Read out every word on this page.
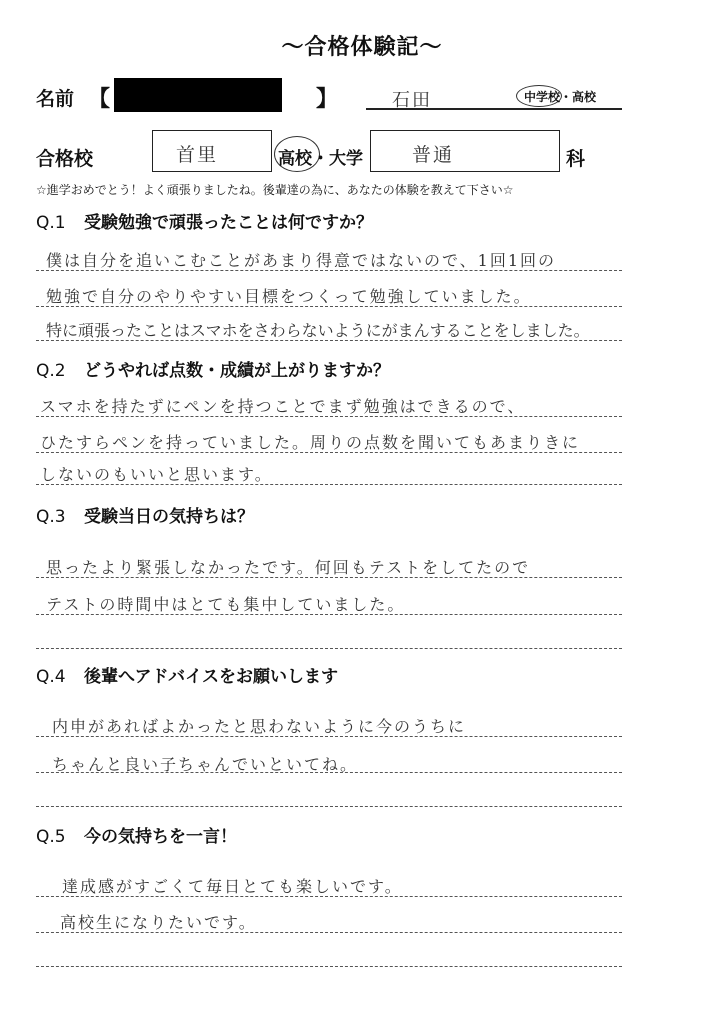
〜合格体験記〜
名前 【	】	石田	中学校・高校
合格校	首里	高校・大学	普通	科
☆進学おめでとう！よく頑張りましたね。後輩達の為に、あなたの体験を教えて下さい☆
Q.1 受験勉強で頑張ったことは何ですか？
僕は自分を追いこむことがあまり得意ではないので、1回1回の
勉強で自分のやりやすい目標をつくって勉強していました。
特に頑張ったことはスマホをさわらないようにがまんすることをしました。
Q.2 どうやれば点数・成績が上がりますか？
スマホを持たずにペンを持つことでまず勉強はできるので、
ひたすらペンを持っていました。周りの点数を聞いてもあまりきに
しないのもいいと思います。
Q.3 受験当日の気持ちは？
思ったより緊張しなかったです。何回もテストをしてたので
テストの時間中はとても集中していました。
Q.4 後輩へアドバイスをお願いします
内申があればよかったと思わないように今のうちに
ちゃんと良い子ちゃんでいといてね。
Q.5 今の気持ちを一言！
達成感がすごくて毎日とても楽しいです。
高校生になりたいです。
